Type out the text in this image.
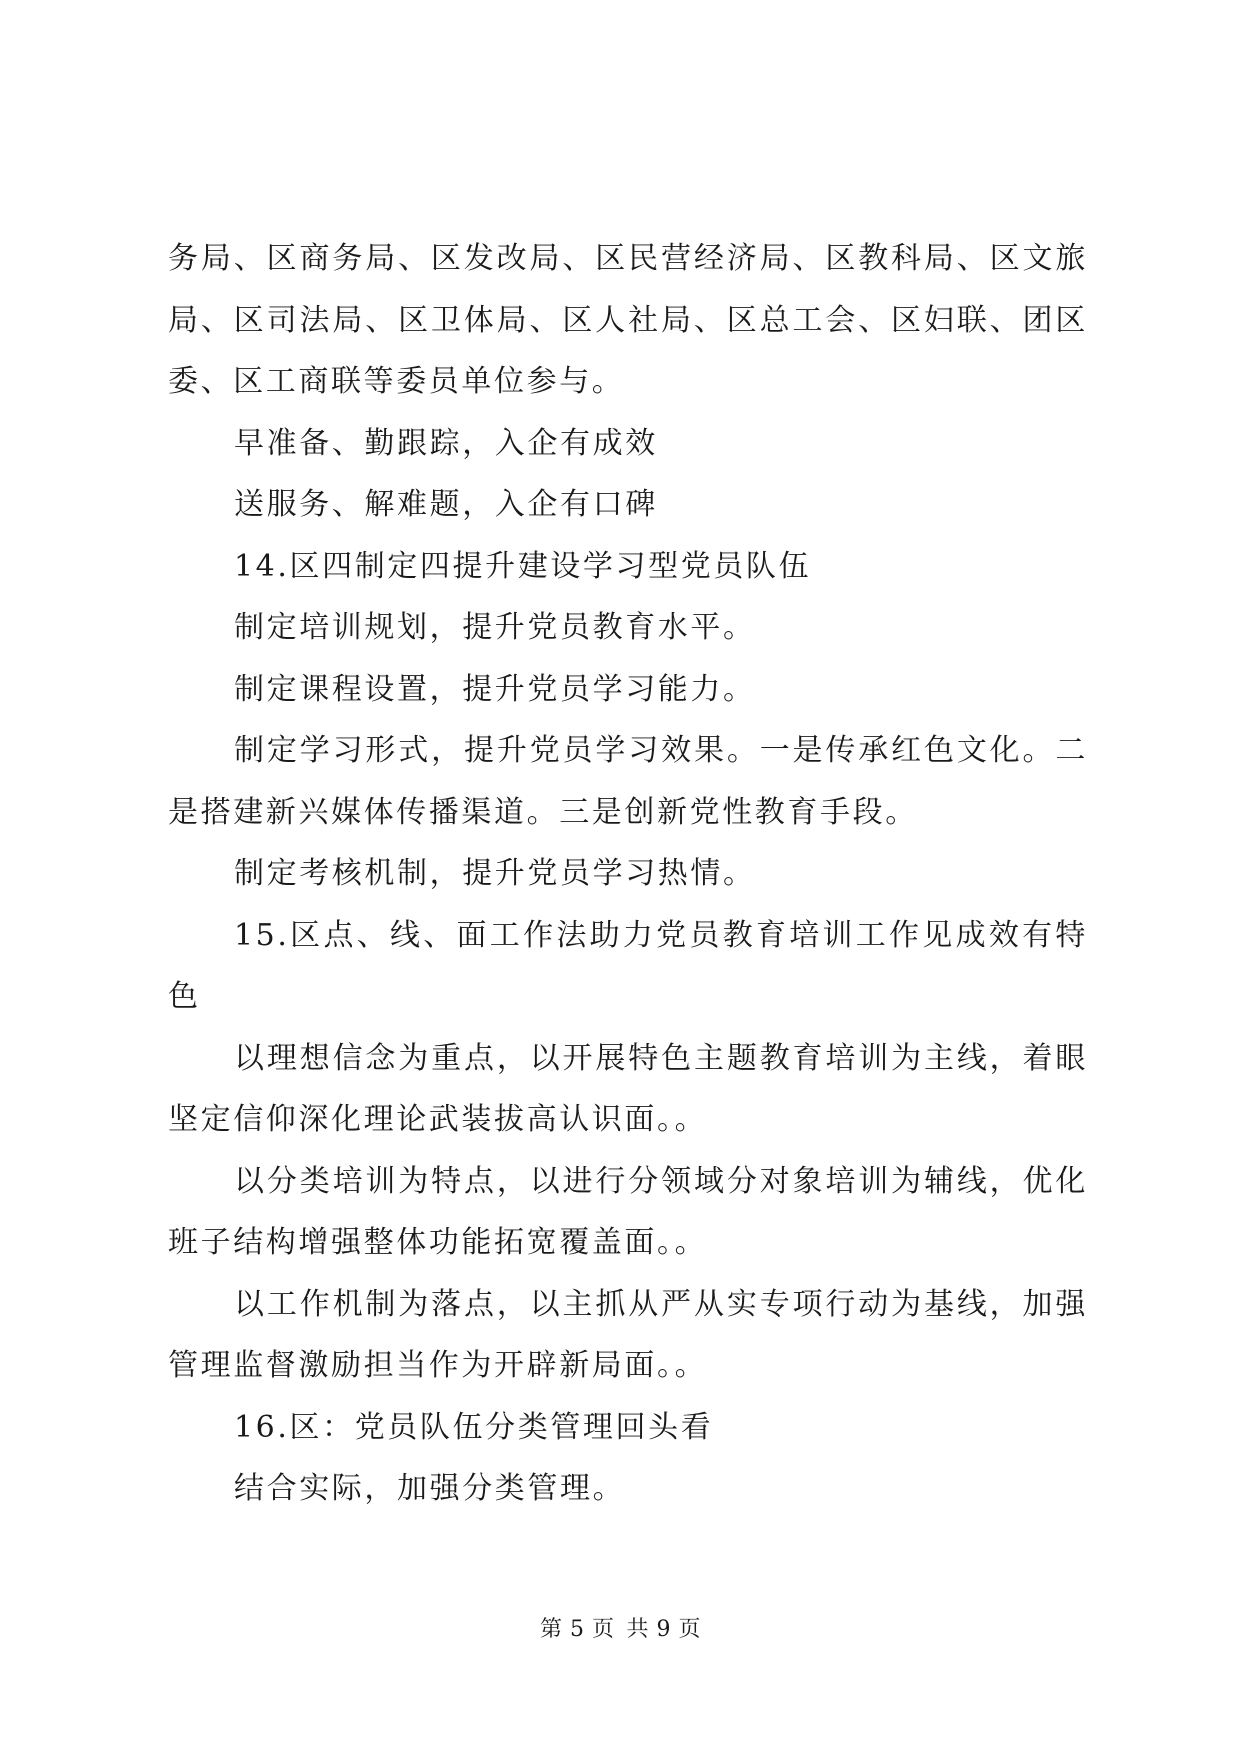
务局、区商务局、区发改局、区民营经济局、区教科局、区文旅局、区司法局、区卫体局、区人社局、区总工会、区妇联、团区委、区工商联等委员单位参与。

早准备、勤跟踪，入企有成效

送服务、解难题，入企有口碑

14.区四制定四提升建设学习型党员队伍

制定培训规划，提升党员教育水平。

制定课程设置，提升党员学习能力。

制定学习形式，提升党员学习效果。一是传承红色文化。二是搭建新兴媒体传播渠道。三是创新党性教育手段。

制定考核机制，提升党员学习热情。

15.区点、线、面工作法助力党员教育培训工作见成效有特色

以理想信念为重点，以开展特色主题教育培训为主线，着眼坚定信仰深化理论武装拔高认识面。。

以分类培训为特点，以进行分领域分对象培训为辅线，优化班子结构增强整体功能拓宽覆盖面。。

以工作机制为落点，以主抓从严从实专项行动为基线，加强管理监督激励担当作为开辟新局面。。

16.区：党员队伍分类管理回头看

结合实际，加强分类管理。

第 5 页 共 9 页
